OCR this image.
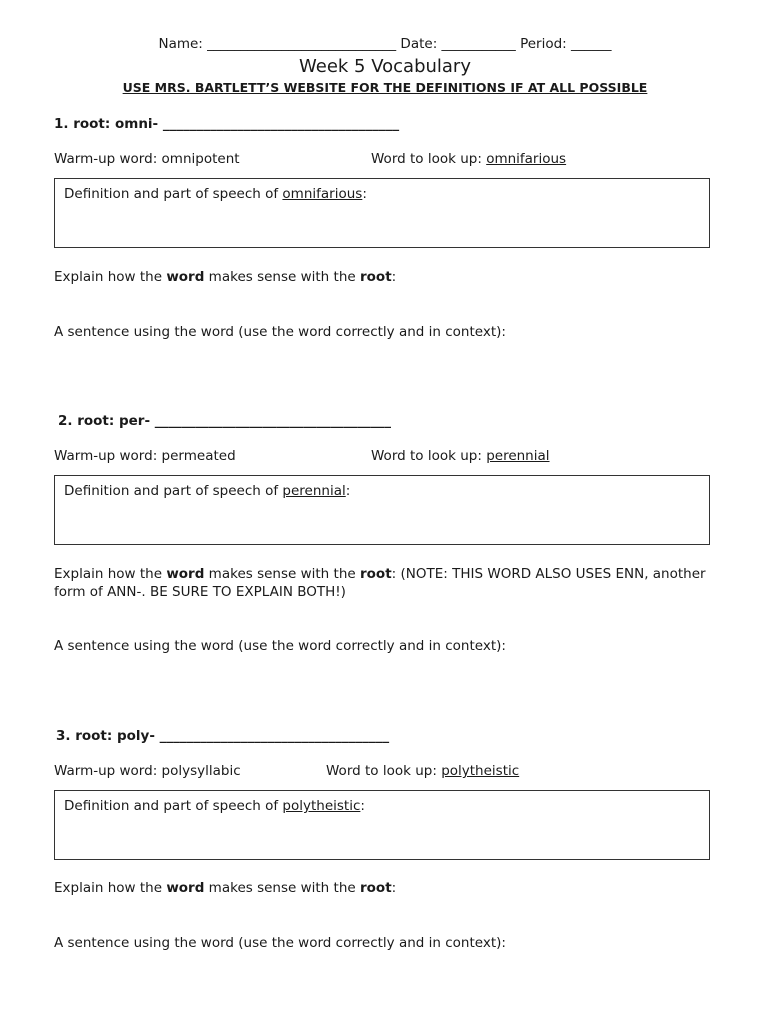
Name: ____________________________ Date: ___________ Period: ______
Week 5 Vocabulary
USE MRS. BARTLETT’S WEBSITE FOR THE DEFINITIONS IF AT ALL POSSIBLE
1. root: omni- ___________________________________
Warm-up word: omnipotent	Word to look up: omnifarious
Definition and part of speech of omnifarious:
Explain how the word makes sense with the root:
A sentence using the word (use the word correctly and in context):
2. root: per- ___________________________________
Warm-up word: permeated	Word to look up: perennial
Definition and part of speech of perennial:
Explain how the word makes sense with the root: (NOTE: THIS WORD ALSO USES ENN, another
form of ANN-. BE SURE TO EXPLAIN BOTH!)
A sentence using the word (use the word correctly and in context):
3. root: poly- __________________________________
Warm-up word: polysyllabic	Word to look up: polytheistic
Definition and part of speech of polytheistic:
Explain how the word makes sense with the root:
A sentence using the word (use the word correctly and in context):
